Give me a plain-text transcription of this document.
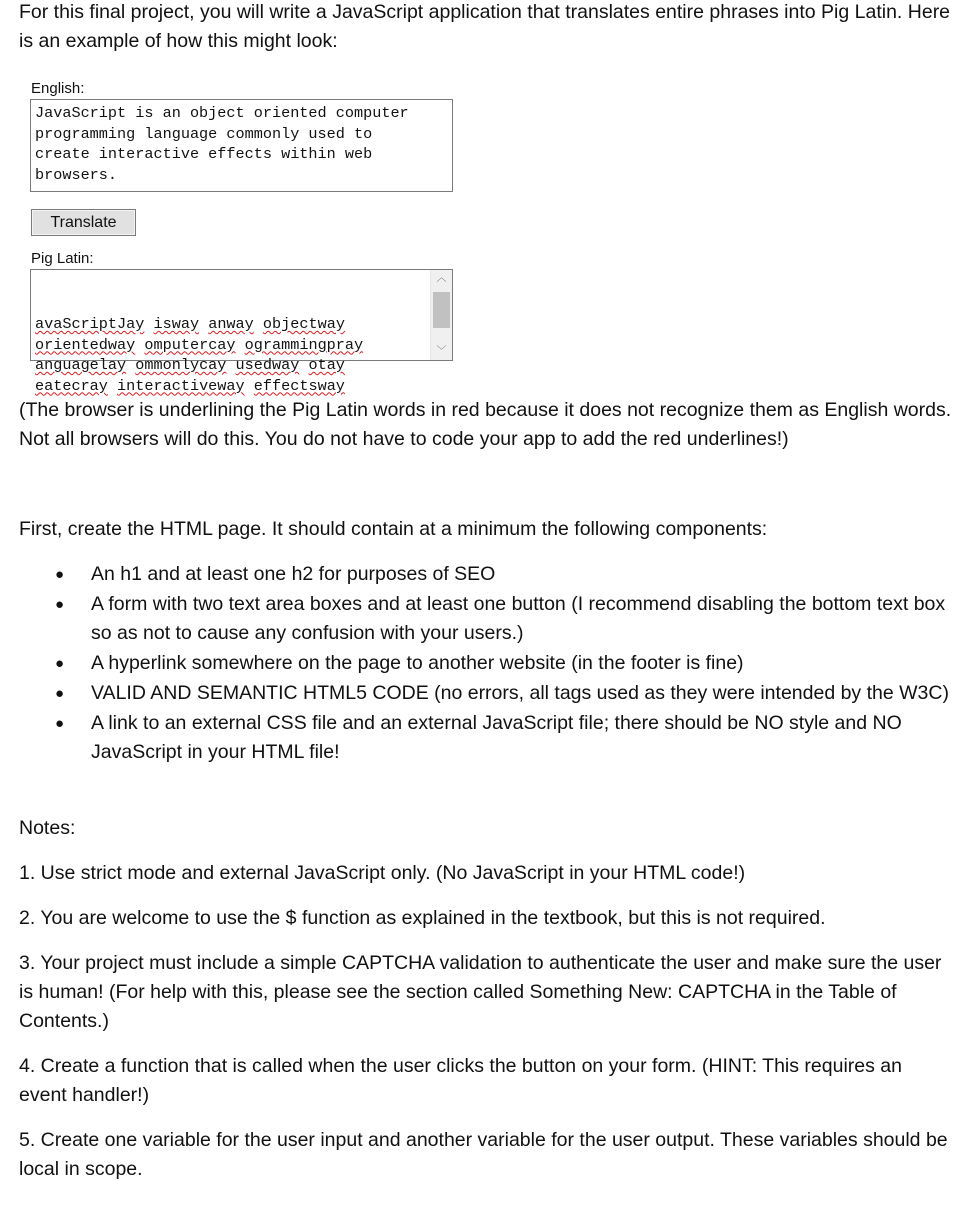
For this final project, you will write a JavaScript application that translates entire phrases into Pig Latin. Here is an example of how this might look:

English:
JavaScript is an object oriented computer
programming language commonly used to
create interactive effects within web
browsers.
Translate
Pig Latin:

avaScriptJay isway anway objectway
orientedway omputercay ogrammingpray
anguagelay ommonlycay usedway otay
eatecray interactiveway effectsway

︿

﹀

(The browser is underlining the Pig Latin words in red because it does not recognize them as English words. Not all browsers will do this. You do not have to code your app to add the red underlines!)

First, create the HTML page. It should contain at a minimum the following components:

● An h1 and at least one h2 for purposes of SEO
● A form with two text area boxes and at least one button (I recommend disabling the bottom text box so as not to cause any confusion with your users.)
● A hyperlink somewhere on the page to another website (in the footer is fine)
● VALID AND SEMANTIC HTML5 CODE (no errors, all tags used as they were intended by the W3C)
● A link to an external CSS file and an external JavaScript file; there should be NO style and NO JavaScript in your HTML file!

Notes:

1. Use strict mode and external JavaScript only. (No JavaScript in your HTML code!)

2. You are welcome to use the $ function as explained in the textbook, but this is not required.

3. Your project must include a simple CAPTCHA validation to authenticate the user and make sure the user is human! (For help with this, please see the section called Something New: CAPTCHA in the Table of Contents.)

4. Create a function that is called when the user clicks the button on your form. (HINT: This requires an event handler!)

5. Create one variable for the user input and another variable for the user output. These variables should be local in scope.
